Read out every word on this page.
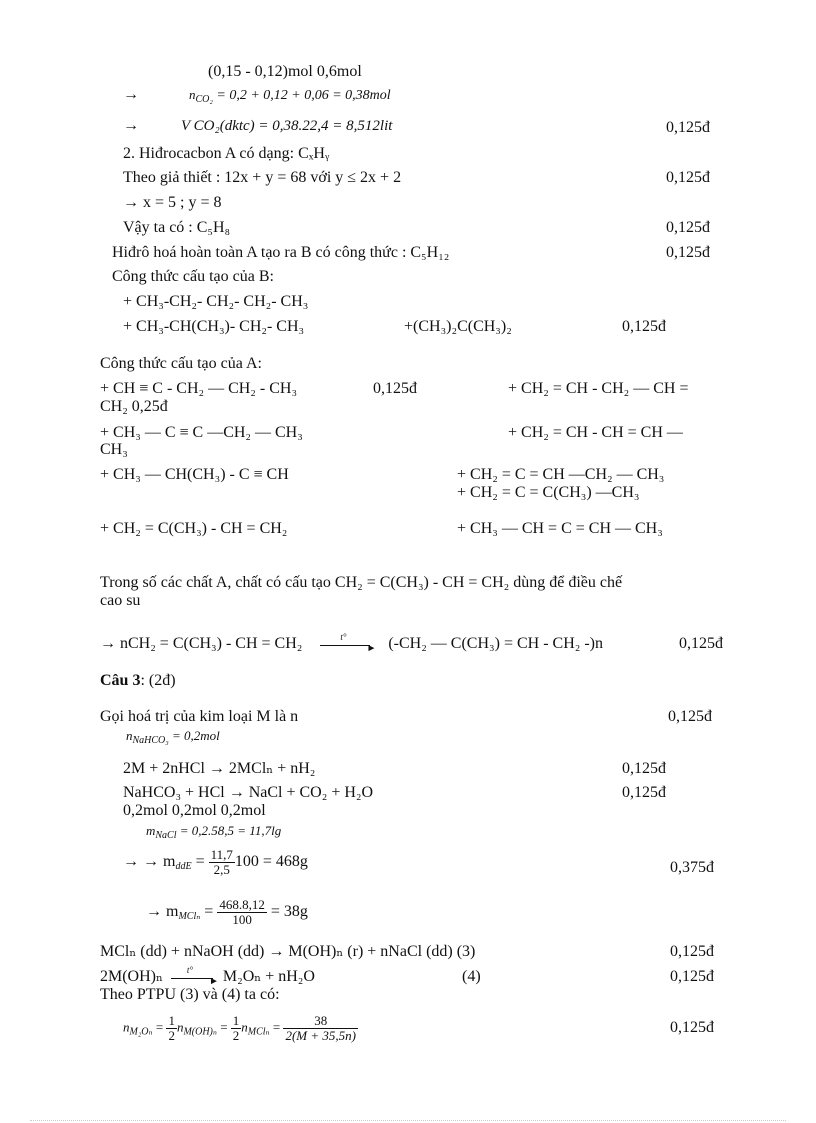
(0,15 - 0,12)mol 0,6mol
→	$n_{CO_2} = 0,2 + 0,12 + 0,06 = 0,38mol$
→	V CO₂(dktc) = 0,38.22,4 = 8,512lit	0,125đ
2. Hiđrocacbon A có dạng: CₓHᵧ
Theo giả thiết : 12x + y = 68 với y ≤ 2x + 2	0,125đ
→ x = 5 ; y = 8
Vậy ta có : C₅H₈	0,125đ
Hiđrô hoá hoàn toàn A tạo ra B có công thức : C₅H₁₂	0,125đ
Công thức cấu tạo của B:
+ CH₃-CH₂- CH₂- CH₂- CH₃
+ CH₃-CH(CH₃)- CH₂- CH₃	+(CH₃)₂C(CH₃)₂	0,125đ
Công thức cấu tạo của A:
+ CH ≡ C - CH₂ — CH₂ - CH₃	0,125đ	+ CH₂ = CH - CH₂ — CH =
CH₂ 0,25đ
+ CH₃ — C ≡ C —CH₂ — CH₃	+ CH₂ = CH - CH = CH —
CH₃
+ CH₃ — CH(CH₃) - C ≡ CH	+ CH₂ = C = CH —CH₂ — CH₃
+ CH₂ = C = C(CH₃) —CH₃
+ CH₂ = C(CH₃) - CH = CH₂	+ CH₃ — CH = C = CH — CH₃
Trong số các chất A, chất có cấu tạo CH₂ = C(CH₃) - CH = CH₂ dùng để điều chế
cao su
→ nCH₂ = C(CH₃) - CH = CH₂	t°
► (-CH₂ — C(CH₃) = CH - CH₂ -)n	0,125đ
Câu 3: (2đ)
Gọi hoá trị của kim loại M là n	0,125đ
$n_{NaHCO_3} = 0,2mol$
2M + 2nHCl → 2MClₙ + nH₂	0,125đ
NaHCO₃ + HCl → NaCl + CO₂ + H₂O	0,125đ
0,2mol 0,2mol 0,2mol
$m_{NaCl} = 0,2.58,5 = 11,7\lg$
→ → $m_{ddE} = \frac{11,7}{2,5} 100 = 468g$	0,375đ
→ $m_{MCl_n} = \frac{468.8,12}{100} = 38g$
MClₙ (dd) + nNaOH (dd) → M(OH)ₙ (r) + nNaCl (dd) (3)	0,125đ
2M(OH)ₙ	t°
► M₂Oₙ + nH₂O	(4)	0,125đ
Theo PTPU (3) và (4) ta có:
$n_{M_2O_n} = \frac{1}{2} n_{M(OH)_n} = \frac{1}{2} n_{MCl_n} = \frac{38}{2(M + 35,5n)}$	0,125đ
